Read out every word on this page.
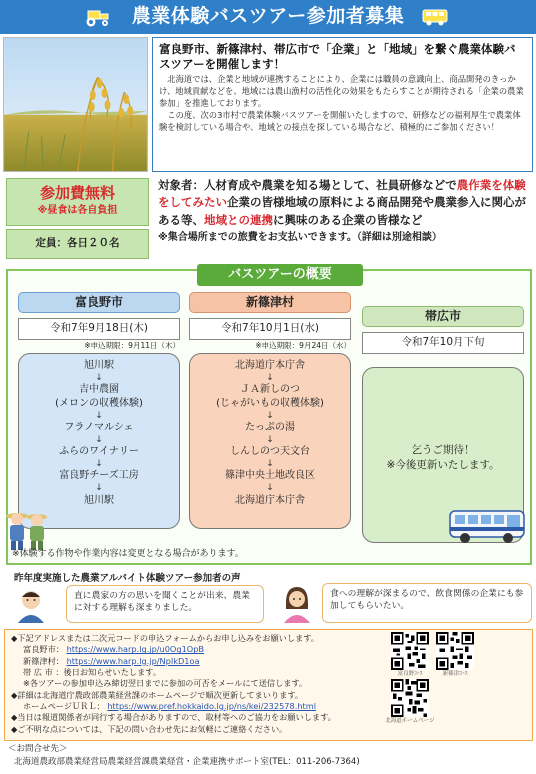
農業体験バスツアー参加者募集
富良野市、新篠津村、帯広市で「企業」と「地域」を繋ぐ農業体験バスツアーを開催します！
北海道では、企業と地域が連携することにより、企業には職員の意識向上、商品開発のきっかけ、地域貢献などを、地域には農山漁村の活性化の効果をもたらすことが期待される「企業の農業参加」を推進しております。
この度、次の3市村で農業体験バスツアーを開催いたしますので、研修などの福利厚生で農業体験を検討している場合や、地域との接点を探している場合など、積極的にご参加ください！
参加費無料
※昼食は各自負担
定員：各日２０名
対象者：人材育成や農業を知る場として、社員研修などで農作業を体験をしてみたい企業の皆様地域の原料による商品開発や農業参入に関心がある等、地域との連携に興味のある企業の皆様など
※集合場所までの旅費をお支払いできます。（詳細は別途相談）
バスツアーの概要
富良野市
令和7年9月18日(木)
※申込期限：9月11日（木）
旭川駅
↓
吉中農園
(メロンの収穫体験)
↓
フラノマルシェ
↓
ふらのワイナリー
↓
富良野チーズ工房
↓
旭川駅
新篠津村
令和7年10月1日(水)
※申込期限：9月24日（水）
北海道庁本庁舎
↓
ＪＡ新しのつ
(じゃがいもの収穫体験)
↓
たっぷの湯
↓
しんしのつ天文台
↓
篠津中央土地改良区
↓
北海道庁本庁舎
帯広市
令和7年10月下旬
乞うご期待！
※今後更新いたします。
※体験する作物や作業内容は変更となる場合があります。
昨年度実施した農業アルバイト体験ツアー参加者の声
直に農家の方の思いを聞くことが出来、農業に対する理解も深まりました。
食への理解が深まるので、飲食関係の企業にも参加してもらいたい。
◆下記アドレスまたは二次元コードの申込フォームからお申し込みをお願いします。
富良野市： https://www.harp.lg.jp/u0Og1OpB
新篠津村： https://www.harp.lg.jp/NpIkD1oa
帯 広 市 ：後日お知らせいたします。
※各ツアーの参加申込み締切翌日までに参加の可否をメールにて送信します。
◆詳細は北海道庁農政部農業経営課のホームページで順次更新してまいります。
ホームページＵＲＬ： https://www.pref.hokkaido.lg.jp/ns/kei/232578.html
◆当日は報道関係者が同行する場合がありますので、取材等へのご協力をお願いします。
◆ご不明な点については、下記の問い合わせ先にお気軽にご連絡ください。
富良野ｺｰｽ	新篠津ｺｰｽ
北海道ホームページ
＜お問合せ先＞
北海道農政部農業経営局農業経営課農業経営・企業連携サポート室(TEL：011-206-7364)
